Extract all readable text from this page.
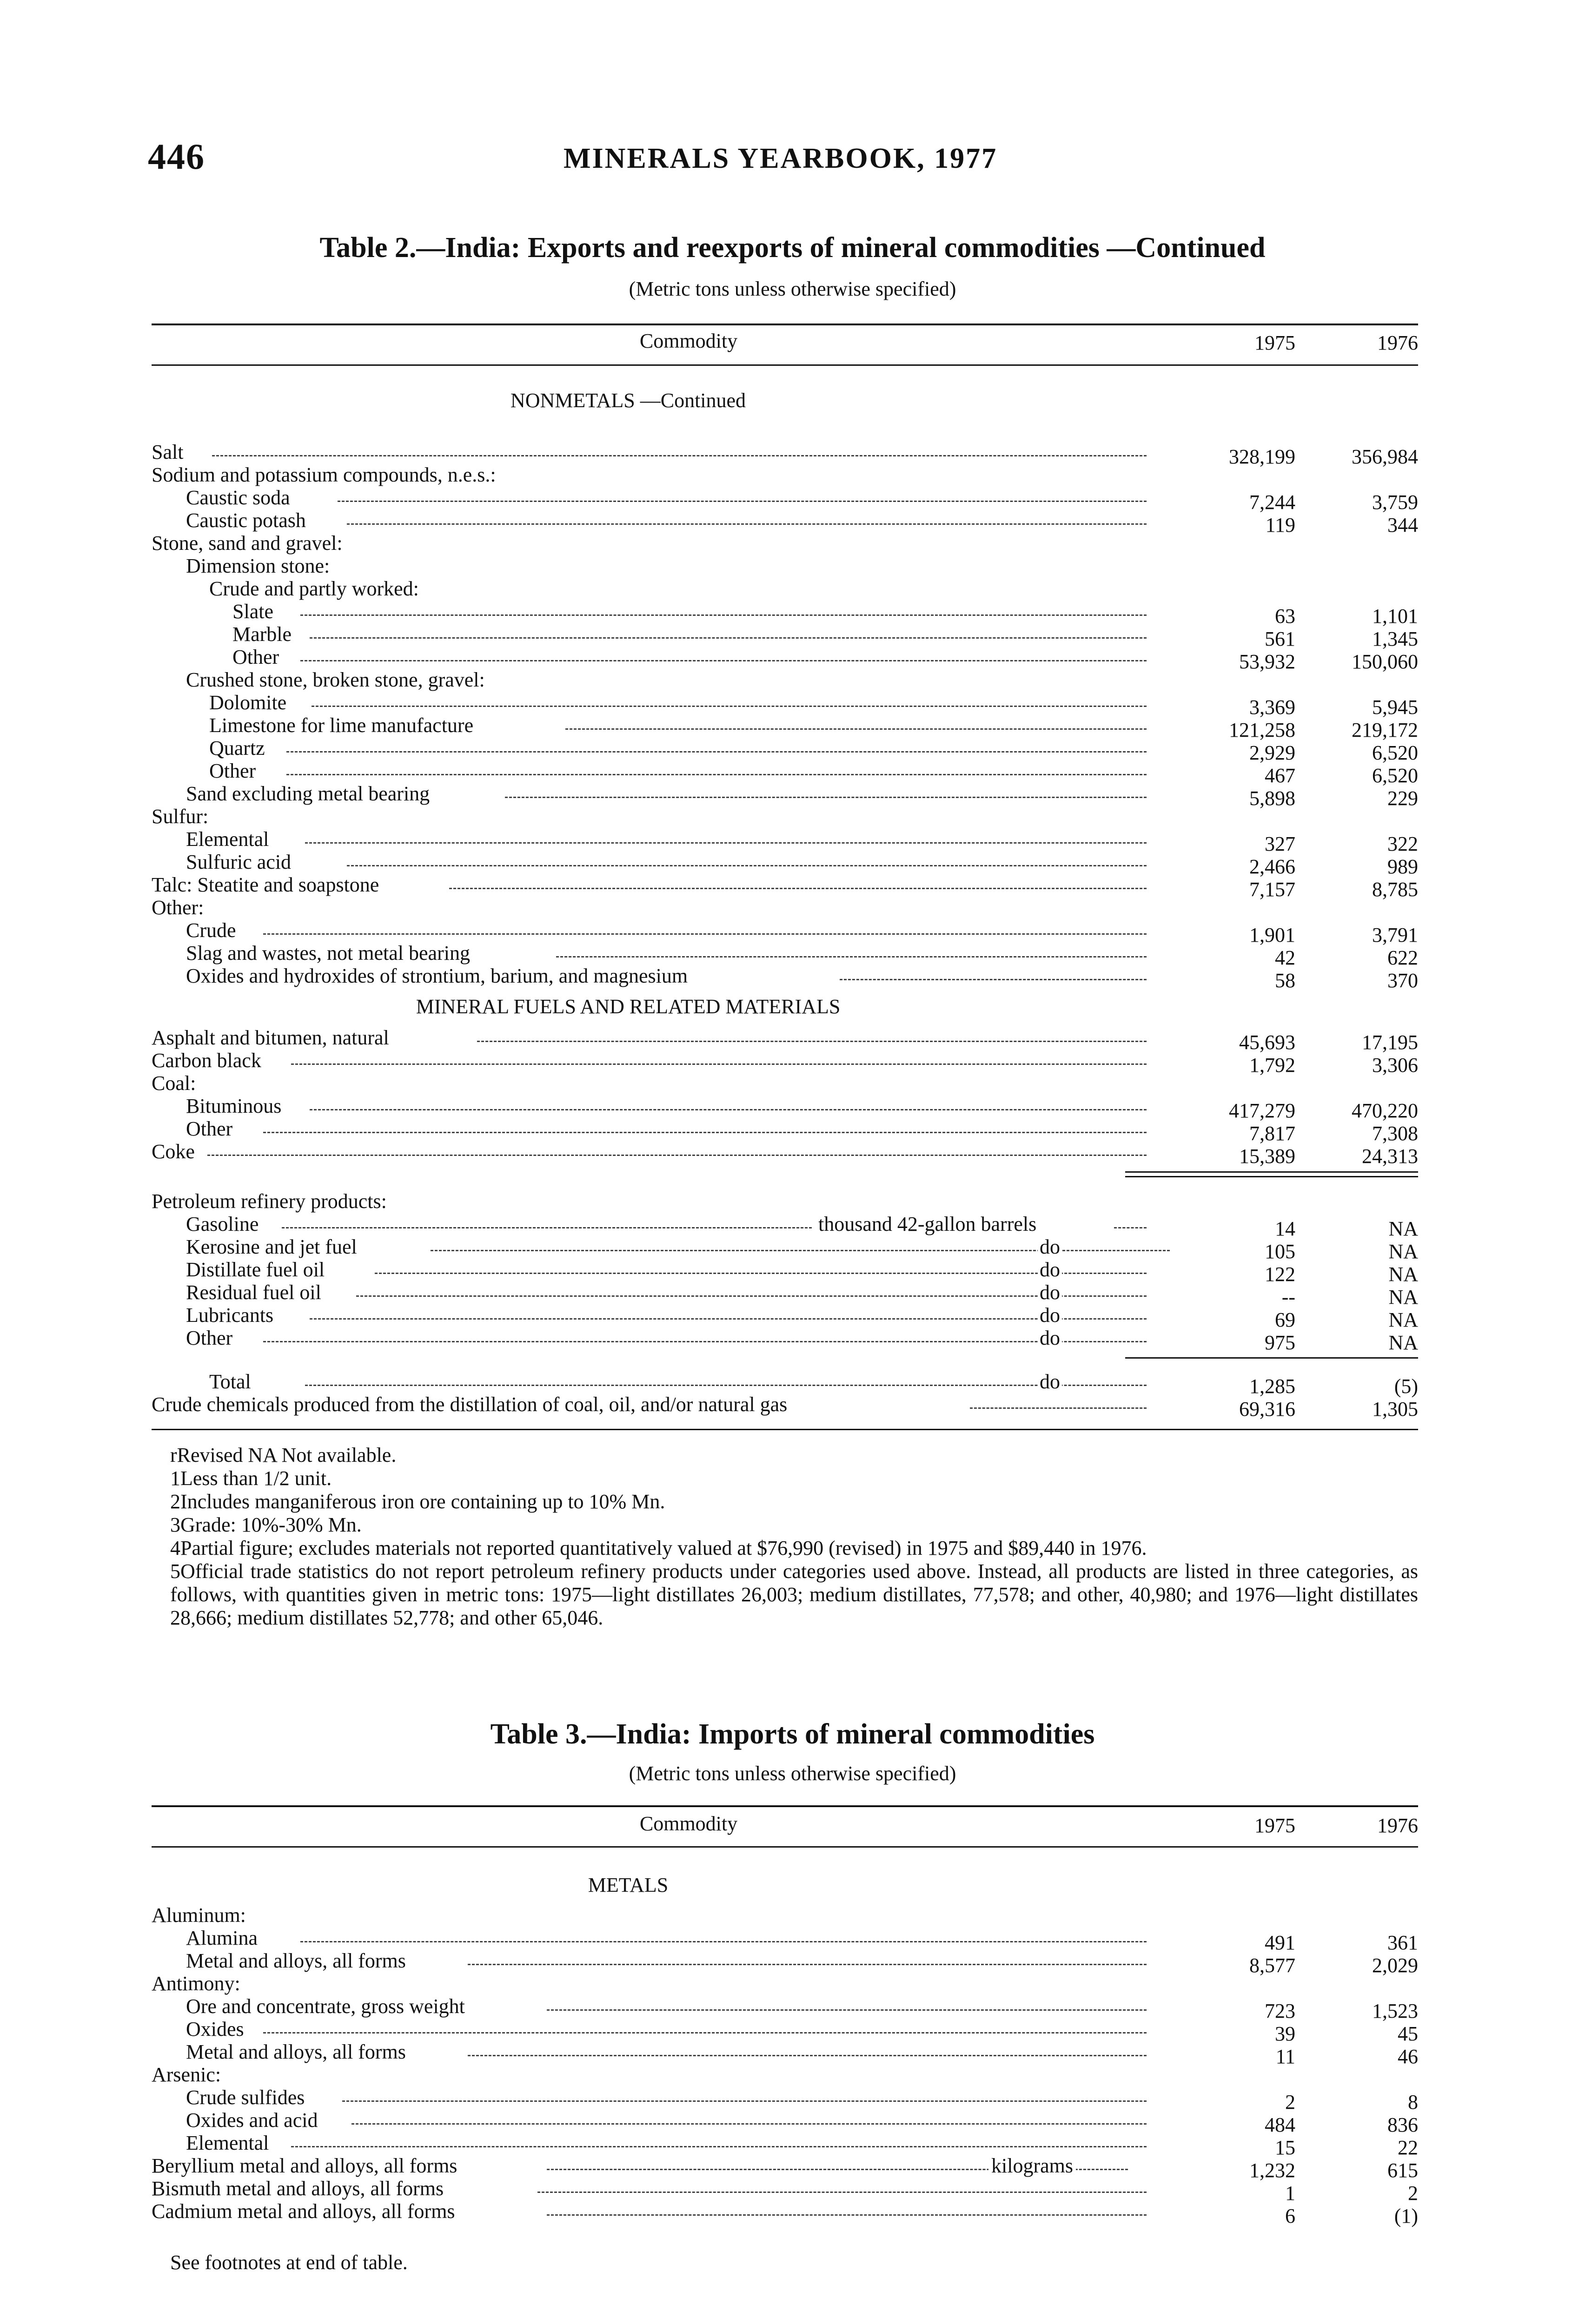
446	MINERALS YEARBOOK, 1977
Table 2.—India: Exports and reexports of mineral commodities —Continued
(Metric tons unless otherwise specified)
Commodity	1975	1976
NONMETALS —Continued
Salt	328,199	356,984
Sodium and potassium compounds, n.e.s.:
Caustic soda	7,244	3,759
Caustic potash	119	344
Stone, sand and gravel:
Dimension stone:
Crude and partly worked:
Slate	63	1,101
Marble	561	1,345
Other	53,932	150,060
Crushed stone, broken stone, gravel:
Dolomite	3,369	5,945
Limestone for lime manufacture	121,258	219,172
Quartz	2,929	6,520
Other	467	6,520
Sand excluding metal bearing	5,898	229
Sulfur:
Elemental	327	322
Sulfuric acid	2,466	989
Talc: Steatite and soapstone	7,157	8,785
Other:
Crude	1,901	3,791
Slag and wastes, not metal bearing	42	622
Oxides and hydroxides of strontium, barium, and magnesium	58	370
MINERAL FUELS AND RELATED MATERIALS
Asphalt and bitumen, natural	45,693	17,195
Carbon black	1,792	3,306
Coal:
Bituminous	417,279	470,220
Other	7,817	7,308
Coke	15,389	24,313
Petroleum refinery products:
Gasoline	thousand 42-gallon barrels	14	NA
Kerosine and jet fuel	do	105	NA
Distillate fuel oil	do	122	NA
Residual fuel oil	do	--	NA
Lubricants	do	69	NA
Other	do	975	NA
Total	do	1,285	(5)
Crude chemicals produced from the distillation of coal, oil, and/or natural gas	69,316	1,305

rRevised NA Not available.

1Less than 1/2 unit.

2Includes manganiferous iron ore containing up to 10% Mn.

3Grade: 10%-30% Mn.

4Partial figure; excludes materials not reported quantitatively valued at $76,990 (revised) in 1975 and $89,440 in 1976.

5Official trade statistics do not report petroleum refinery products under categories used above. Instead, all products are listed in three categories, as follows, with quantities given in metric tons: 1975—light distillates 26,003; medium distillates, 77,578; and other, 40,980; and 1976—light distillates 28,666; medium distillates 52,778; and other 65,046.

Table 3.—India: Imports of mineral commodities
(Metric tons unless otherwise specified)
Commodity	1975	1976
METALS
Aluminum:
Alumina	491	361
Metal and alloys, all forms	8,577	2,029
Antimony:
Ore and concentrate, gross weight	723	1,523
Oxides	39	45
Metal and alloys, all forms	11	46
Arsenic:
Crude sulfides	2	8
Oxides and acid	484	836
Elemental	15	22
Beryllium metal and alloys, all forms	kilograms	1,232	615
Bismuth metal and alloys, all forms	1	2
Cadmium metal and alloys, all forms	6	(1)
See footnotes at end of table.
